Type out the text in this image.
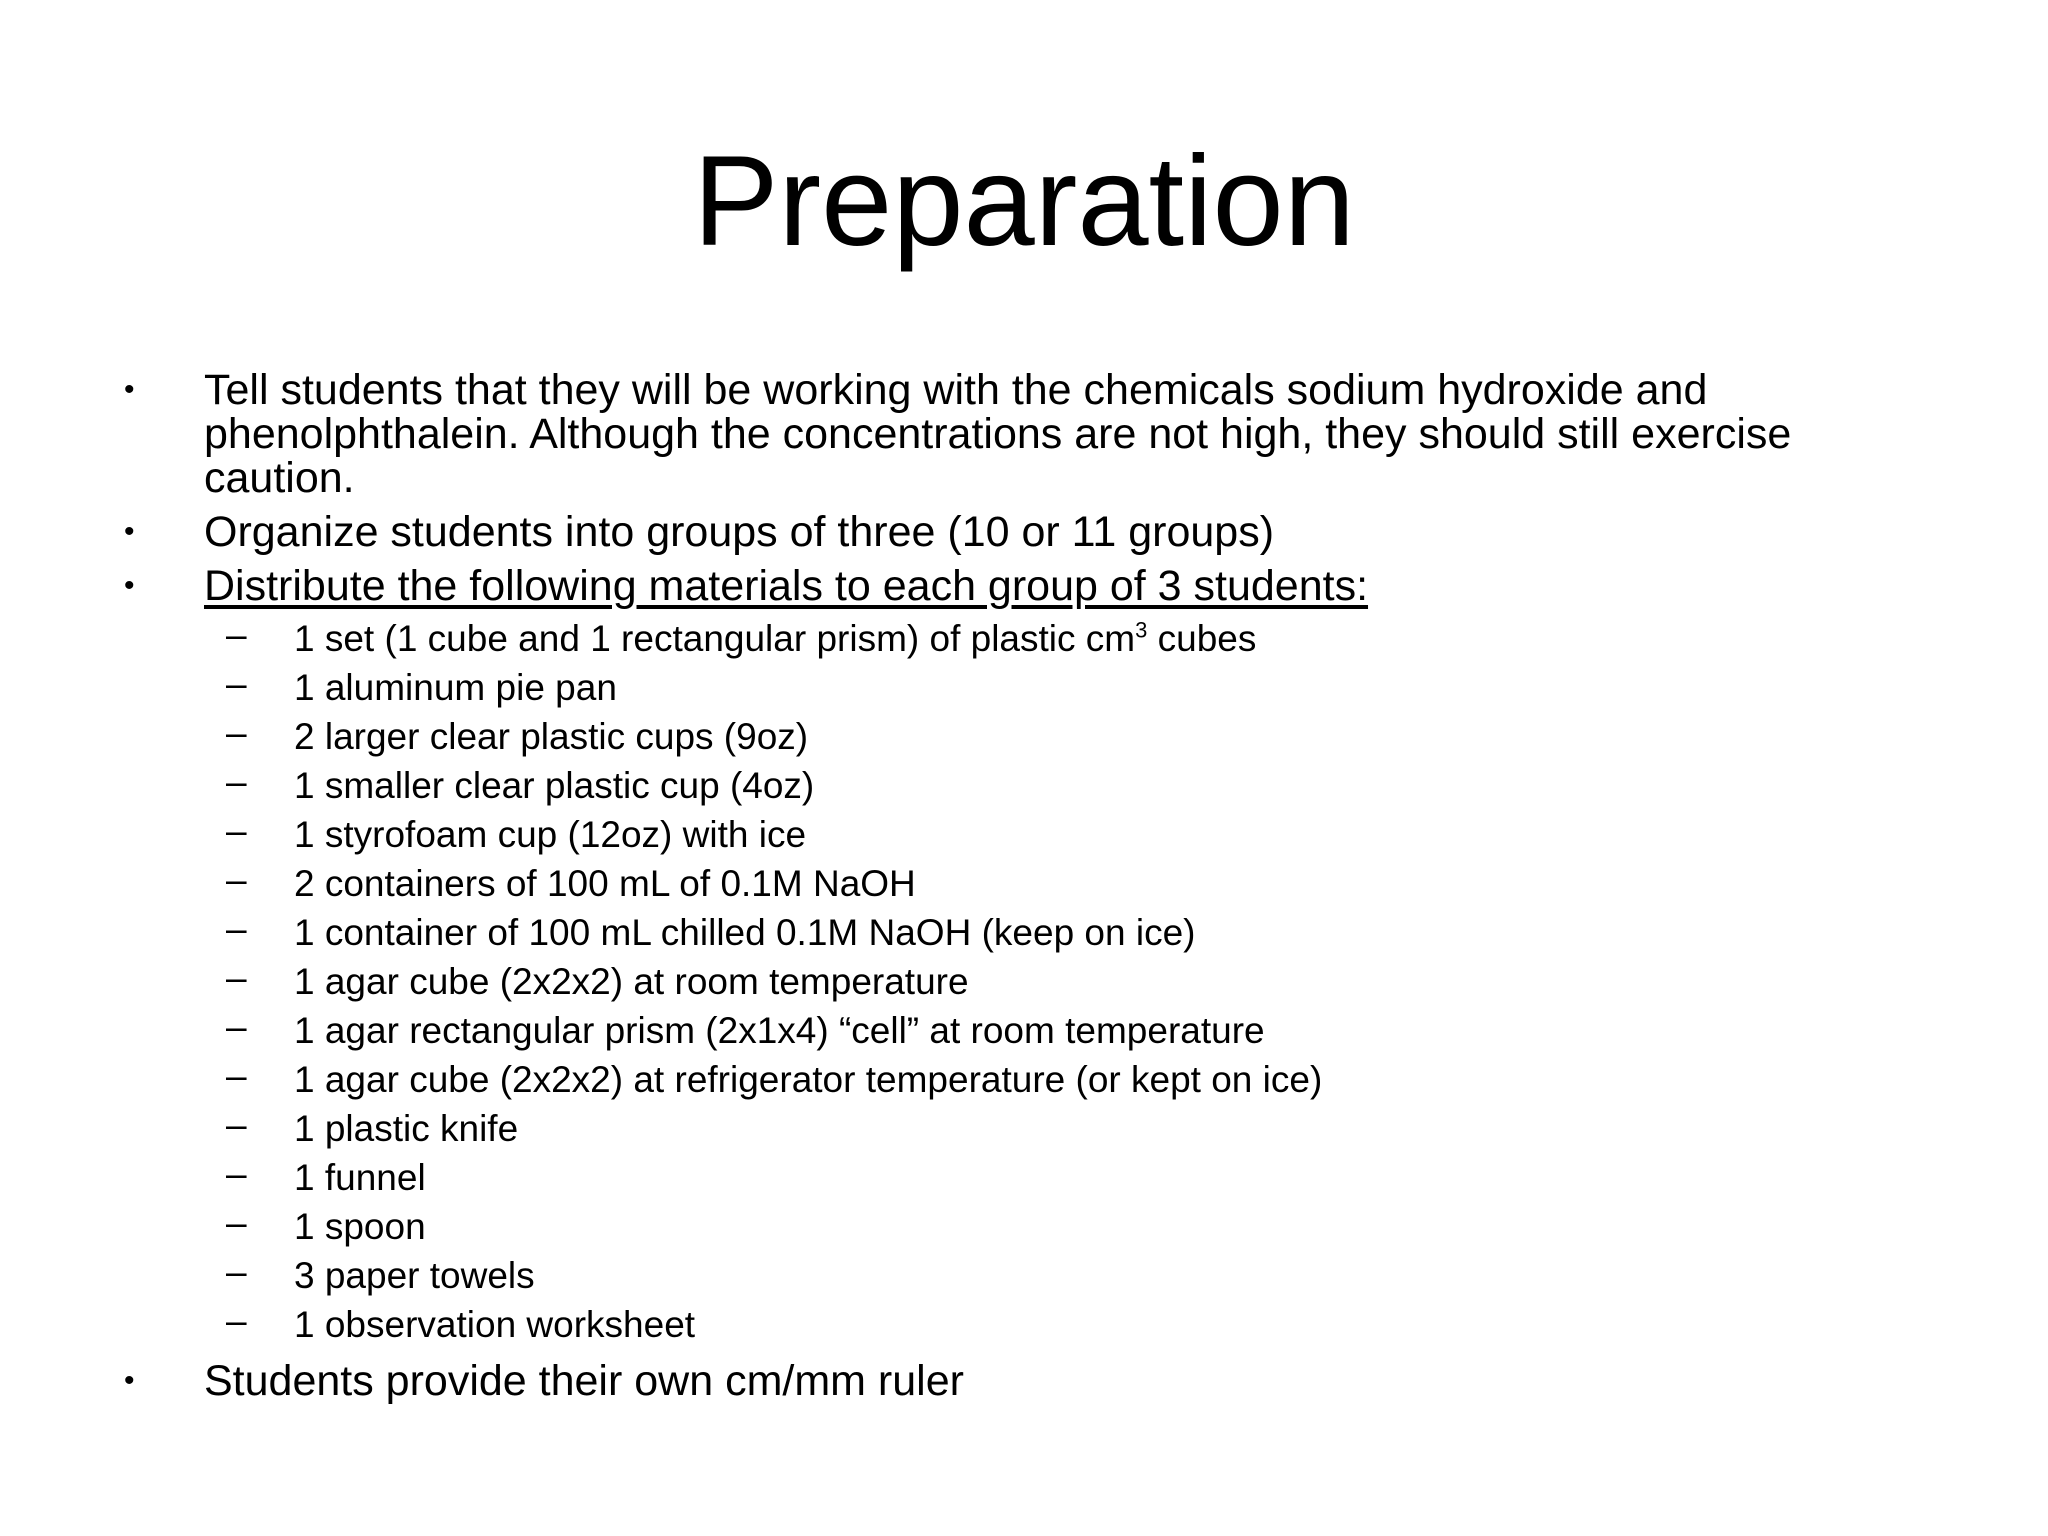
Preparation
•	Tell students that they will be working with the chemicals sodium hydroxide and phenolphthalein. Although the concentrations are not high, they should still exercise caution.
•	Organize students into groups of three (10 or 11 groups)
•	Distribute the following materials to each group of 3 students:
– 1 set (1 cube and 1 rectangular prism) of plastic $cm^3$ cubes
– 1 aluminum pie pan
– 2 larger clear plastic cups (9oz)
– 1 smaller clear plastic cup (4oz)
– 1 styrofoam cup (12oz) with ice
– 2 containers of 100 mL of 0.1M NaOH
– 1 container of 100 mL chilled 0.1M NaOH (keep on ice)
– 1 agar cube (2x2x2) at room temperature
– 1 agar rectangular prism (2x1x4) “cell” at room temperature
– 1 agar cube (2x2x2) at refrigerator temperature (or kept on ice)
– 1 plastic knife
– 1 funnel
– 1 spoon
– 3 paper towels
– 1 observation worksheet
•	Students provide their own cm/mm ruler
